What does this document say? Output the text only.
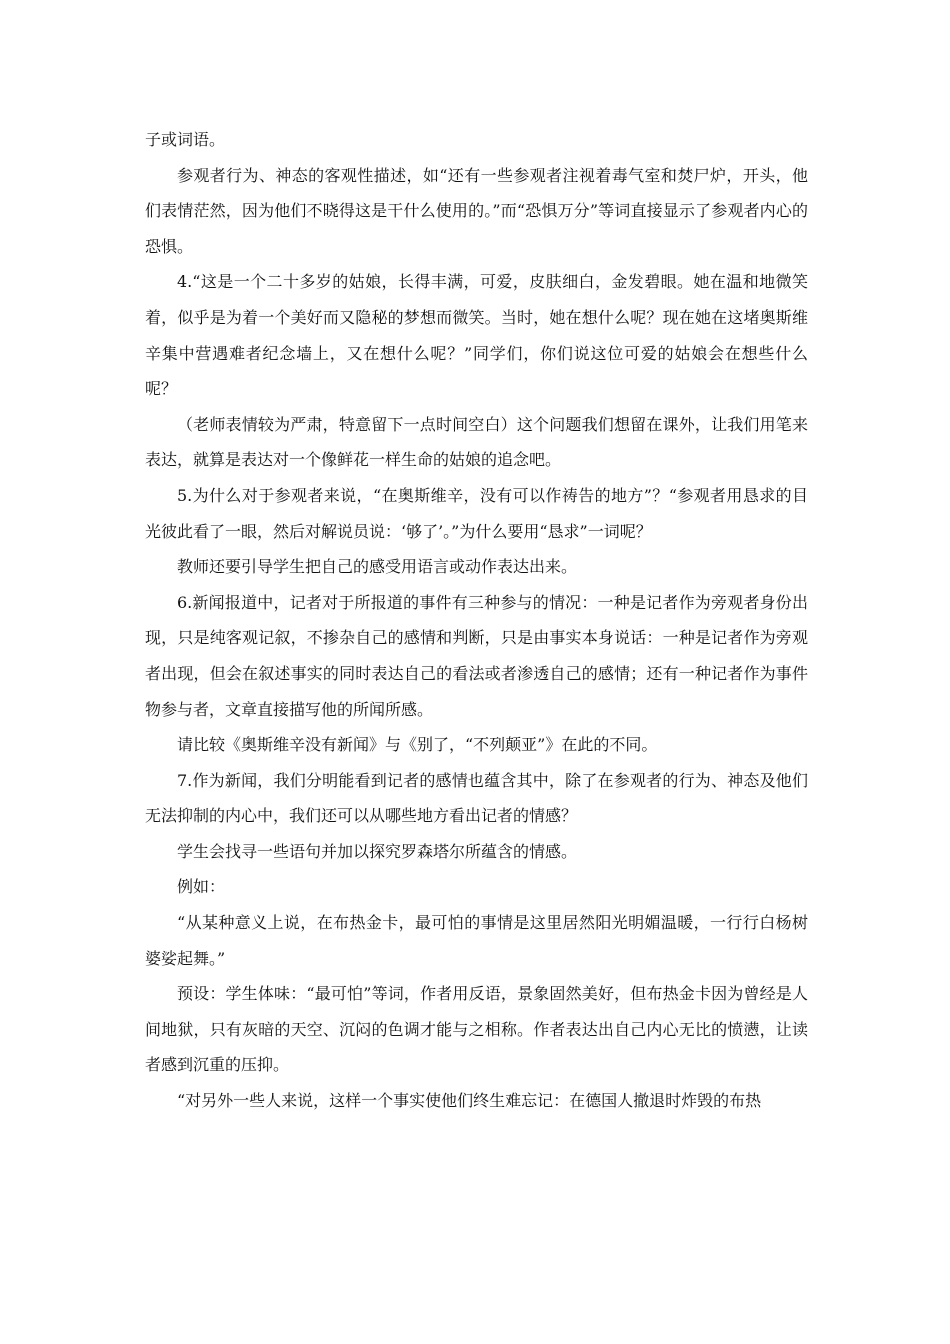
子或词语。

参观者行为、神态的客观性描述，如“还有一些参观者注视着毒气室和焚尸炉，开头，他们表情茫然，因为他们不晓得这是干什么使用的。”而“恐惧万分”等词直接显示了参观者内心的恐惧。

4.“这是一个二十多岁的姑娘，长得丰满，可爱，皮肤细白，金发碧眼。她在温和地微笑着，似乎是为着一个美好而又隐秘的梦想而微笑。当时，她在想什么呢？现在她在这堵奥斯维辛集中营遇难者纪念墙上，又在想什么呢？”同学们，你们说这位可爱的姑娘会在想些什么呢？

（老师表情较为严肃，特意留下一点时间空白）这个问题我们想留在课外，让我们用笔来表达，就算是表达对一个像鲜花一样生命的姑娘的追念吧。

5.为什么对于参观者来说，“在奥斯维辛，没有可以作祷告的地方”？“参观者用恳求的目光彼此看了一眼，然后对解说员说：‘够了’。”为什么要用“恳求”一词呢？

教师还要引导学生把自己的感受用语言或动作表达出来。

6.新闻报道中，记者对于所报道的事件有三种参与的情况：一种是记者作为旁观者身份出现，只是纯客观记叙，不掺杂自己的感情和判断，只是由事实本身说话：一种是记者作为旁观者出现，但会在叙述事实的同时表达自己的看法或者渗透自己的感情；还有一种记者作为事件物参与者，文章直接描写他的所闻所感。

请比较《奥斯维辛没有新闻》与《别了，“不列颠亚”》在此的不同。

7.作为新闻，我们分明能看到记者的感情也蕴含其中，除了在参观者的行为、神态及他们无法抑制的内心中，我们还可以从哪些地方看出记者的情感？

学生会找寻一些语句并加以探究罗森塔尔所蕴含的情感。

例如：

“从某种意义上说，在布热金卡，最可怕的事情是这里居然阳光明媚温暖，一行行白杨树婆娑起舞。”

预设：学生体味：“最可怕”等词，作者用反语，景象固然美好，但布热金卡因为曾经是人间地狱，只有灰暗的天空、沉闷的色调才能与之相称。作者表达出自己内心无比的愤懑，让读者感到沉重的压抑。

“对另外一些人来说，这样一个事实使他们终生难忘记：在德国人撤退时炸毁的布热
